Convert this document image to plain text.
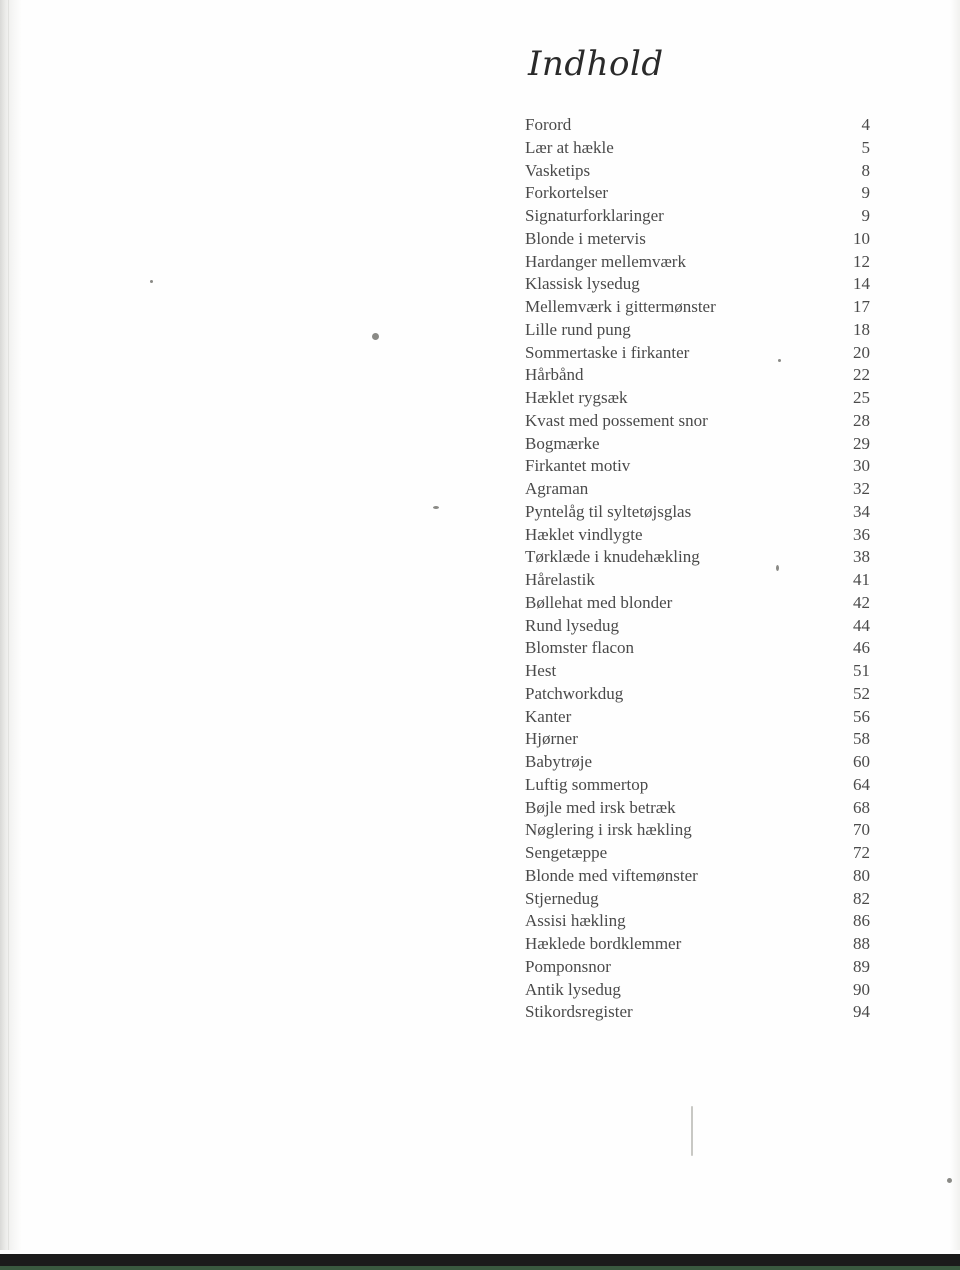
Indhold
Forord	4
Lær at hækle	5
Vasketips	8
Forkortelser	9
Signaturforklaringer	9
Blonde i metervis	10
Hardanger mellemværk	12
Klassisk lysedug	14
Mellemværk i gittermønster	17
Lille rund pung	18
Sommertaske i firkanter	20
Hårbånd	22
Hæklet rygsæk	25
Kvast med possement snor	28
Bogmærke	29
Firkantet motiv	30
Agraman	32
Pyntelåg til syltetøjsglas	34
Hæklet vindlygte	36
Tørklæde i knudehækling	38
Hårelastik	41
Bøllehat med blonder	42
Rund lysedug	44
Blomster flacon	46
Hest	51
Patchworkdug	52
Kanter	56
Hjørner	58
Babytrøje	60
Luftig sommertop	64
Bøjle med irsk betræk	68
Nøglering i irsk hækling	70
Sengetæppe	72
Blonde med viftemønster	80
Stjernedug	82
Assisi hækling	86
Hæklede bordklemmer	88
Pomponsnor	89
Antik lysedug	90
Stikordsregister	94
